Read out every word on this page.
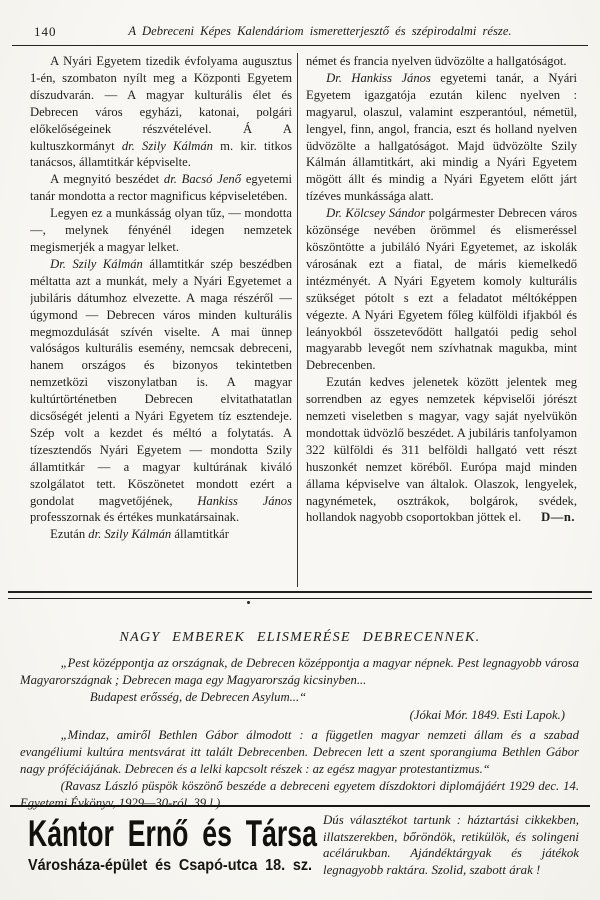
140	A Debreceni Képes Kalendáriom ismeretterjesztő és szépirodalmi része.

A Nyári Egyetem tizedik évfolyama augusztus 1-én, szombaton nyílt meg a Központi Egyetem díszudvarán. — A magyar kulturális élet és Debrecen város egyházi, katonai, polgári előkelőségeinek részvételével. Á A kultuszkormányt dr. Szily Kálmán m. kir. titkos tanácsos, államtitkár képviselte.

A megnyitó beszédet dr. Bacsó Jenő egyetemi tanár mondotta a rector magnificus képviseletében.

Legyen ez a munkásság olyan tűz, — mondotta —, melynek fényénél idegen nemzetek megismerjék a magyar lelket.

Dr. Szily Kálmán államtitkár szép beszédben méltatta azt a munkát, mely a Nyári Egyetemet a jubiláris dátumhoz elvezette. A maga részéről — úgymond — Debrecen város minden kulturális megmozdulását szívén viselte. A mai ünnep valóságos kulturális esemény, nemcsak debreceni, hanem országos és bizonyos tekintetben nemzetközi viszonylatban is. A magyar kultúrtörténetben Debrecen elvitathatatlan dicsőségét jelenti a Nyári Egyetem tíz esztendeje. Szép volt a kezdet és méltó a folytatás. A tízesztendős Nyári Egyetem — mondotta Szily államtitkár — a magyar kultúrának kiváló szolgálatot tett. Köszönetet mondott ezért a gondolat magvetőjének, Hankiss János professzornak és értékes munkatársainak.

Ezután dr. Szily Kálmán államtitkár

német és francia nyelven üdvözölte a hallgatóságot.

Dr. Hankiss János egyetemi tanár, a Nyári Egyetem igazgatója ezután kilenc nyelven : magyarul, olaszul, valamint eszperantóul, németül, lengyel, finn, angol, francia, eszt és holland nyelven üdvözölte a hallgatóságot. Majd üdvözölte Szily Kálmán államtitkárt, aki mindig a Nyári Egyetem mögött állt és mindig a Nyári Egyetem előtt járt tízéves munkássága alatt.

Dr. Kölcsey Sándor polgármester Debrecen város közönsége nevében örömmel és elismeréssel köszöntötte a jubiláló Nyári Egyetemet, az iskolák városának ezt a fiatal, de máris kiemelkedő intézményét. A Nyári Egyetem komoly kulturális szükséget pótolt s ezt a feladatot méltóképpen végezte. A Nyári Egyetem főleg külföldi ifjakból és leányokból összetevődött hallgatói pedig sehol magyarabb levegőt nem szívhatnak magukba, mint Debrecenben.

Ezután kedves jelenetek között jelentek meg sorrendben az egyes nemzetek képviselői jórészt nemzeti viseletben s magyar, vagy saját nyelvükön mondottak üdvözlő beszédet. A jubiláris tanfolyamon 322 külföldi és 311 belföldi hallgató vett részt huszonkét nemzet köréből. Európa majd minden állama képviselve van általok. Olaszok, lengyelek, nagynémetek, osztrákok, bolgárok, svédek, hollandok nagyobb csoportokban jöttek el.	D—n.

NAGY EMBEREK ELISMERÉSE DEBRECENNEK.

„Pest középpontja az országnak, de Debrecen középpontja a magyar népnek. Pest legnagyobb városa Magyarországnak ; Debrecen maga egy Magyarország kicsinyben...

Budapest erősség, de Debrecen Asylum...“

(Jókai Mór. 1849. Esti Lapok.)

„Mindaz, amiről Bethlen Gábor álmodott : a független magyar nemzeti állam és a szabad evangéliumi kultúra mentsvárat itt talált Debrecenben. Debrecen lett a szent sporangiuma Bethlen Gábor nagy próféciájának. Debrecen és a lelki kapcsolt részek : az egész magyar protestantizmus.“

(Ravasz László püspök köszönő beszéde a debreceni egyetem díszdoktori diplomájáért 1929 dec. 14. Egyetemi Évkönyv, 1929—30-ról. 39 l.)

Kántor Ernő és Társa
Városháza-épület és Csapó-utca 18. sz.
Dús választékot tartunk : háztartási cikkekben, illatszerekben, bőröndök, retikülök, és solingeni acélárukban. Ajándéktárgyak és játékok legnagyobb raktára. Szolid, szabott árak !
